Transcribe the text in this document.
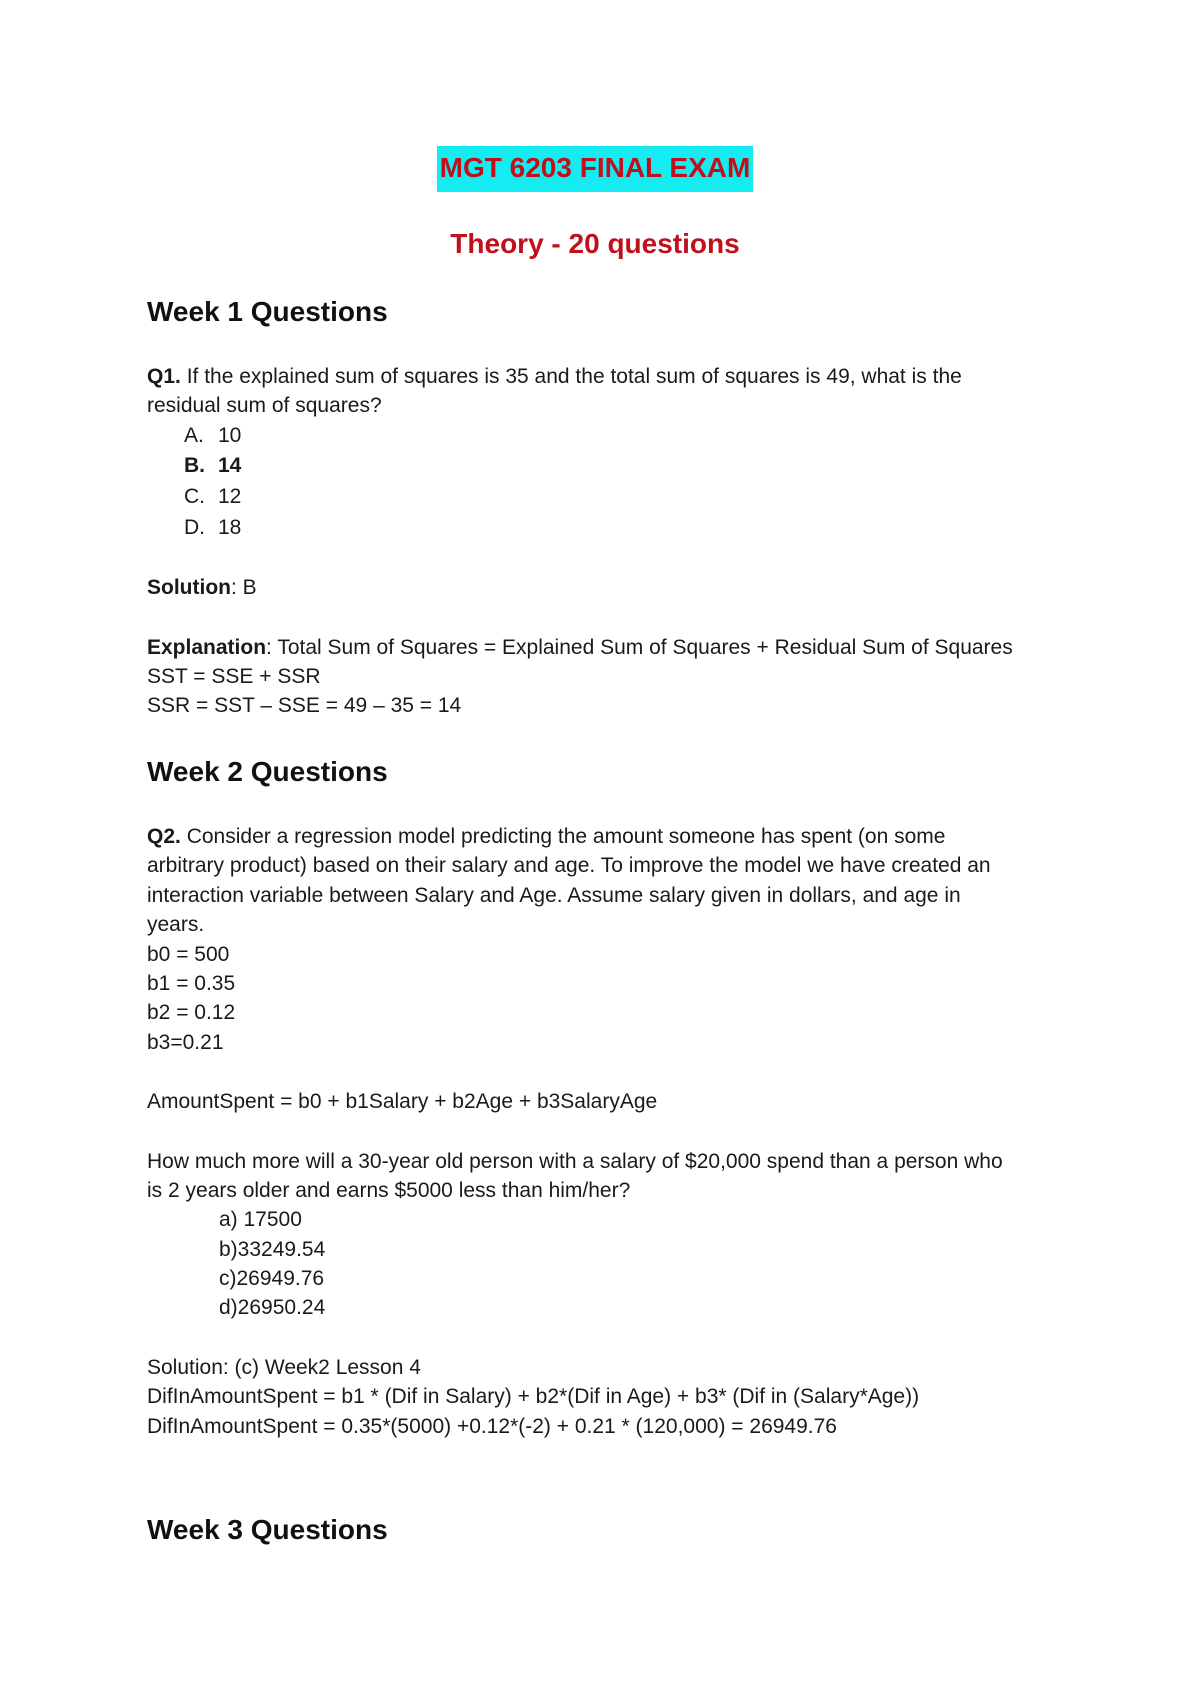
MGT 6203 FINAL EXAM
Theory - 20 questions
Week 1 Questions
Q1. If the explained sum of squares is 35 and the total sum of squares is 49, what is the
residual sum of squares?
A. 10
B. 14
C. 12
D. 18
Solution: B
Explanation: Total Sum of Squares = Explained Sum of Squares + Residual Sum of Squares
SST = SSE + SSR
SSR = SST – SSE = 49 – 35 = 14
Week 2 Questions
Q2. Consider a regression model predicting the amount someone has spent (on some
arbitrary product) based on their salary and age. To improve the model we have created an
interaction variable between Salary and Age. Assume salary given in dollars, and age in
years.
b0 = 500
b1 = 0.35
b2 = 0.12
b3=0.21
AmountSpent = b0 + b1Salary + b2Age + b3SalaryAge
How much more will a 30-year old person with a salary of $20,000 spend than a person who
is 2 years older and earns $5000 less than him/her?
a) 17500
b)33249.54
c)26949.76
d)26950.24
Solution: (c) Week2 Lesson 4
DifInAmountSpent = b1 * (Dif in Salary) + b2*(Dif in Age) + b3* (Dif in (Salary*Age))
DifInAmountSpent = 0.35*(5000) +0.12*(-2) + 0.21 * (120,000) = 26949.76
Week 3 Questions
